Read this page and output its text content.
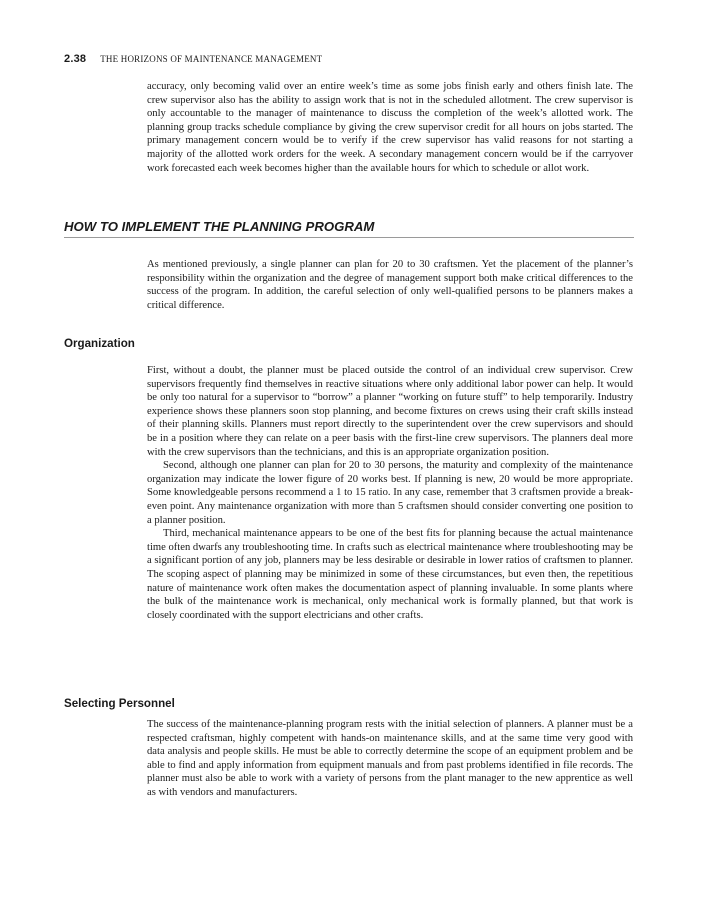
2.38 THE HORIZONS OF MAINTENANCE MANAGEMENT

accuracy, only becoming valid over an entire week’s time as some jobs finish early and others finish late. The crew supervisor also has the ability to assign work that is not in the scheduled allotment. The crew supervisor is only accountable to the manager of maintenance to discuss the completion of the week’s allotted work. The planning group tracks schedule compliance by giving the crew supervisor credit for all hours on jobs started. The primary management concern would be to verify if the crew supervisor has valid reasons for not starting a majority of the allotted work orders for the week. A secondary management concern would be if the carryover work forecasted each week becomes higher than the available hours for which to schedule or allot work.

HOW TO IMPLEMENT THE PLANNING PROGRAM

As mentioned previously, a single planner can plan for 20 to 30 craftsmen. Yet the placement of the planner’s responsibility within the organization and the degree of management support both make critical differences to the success of the program. In addition, the careful selection of only well-qualified persons to be planners makes a critical difference.

Organization

First, without a doubt, the planner must be placed outside the control of an individual crew supervisor. Crew supervisors frequently find themselves in reactive situations where only additional labor power can help. It would be only too natural for a supervisor to “borrow” a planner “working on future stuff” to help temporarily. Industry experience shows these planners soon stop planning, and become fixtures on crews using their craft skills instead of their planning skills. Planners must report directly to the superintendent over the crew supervisors and should be in a position where they can relate on a peer basis with the first-line crew supervisors. The planners deal more with the crew supervisors than the technicians, and this is an appropriate organization position.

Second, although one planner can plan for 20 to 30 persons, the maturity and complexity of the maintenance organization may indicate the lower figure of 20 works best. If planning is new, 20 would be more appropriate. Some knowledgeable persons recommend a 1 to 15 ratio. In any case, remember that 3 craftsmen provide a break-even point. Any maintenance organization with more than 5 craftsmen should consider converting one position to a planner position.

Third, mechanical maintenance appears to be one of the best fits for planning because the actual maintenance time often dwarfs any troubleshooting time. In crafts such as electrical maintenance where troubleshooting may be a significant portion of any job, planners may be less desirable or desirable in lower ratios of craftsmen to planner. The scoping aspect of planning may be minimized in some of these circumstances, but even then, the repetitious nature of maintenance work often makes the documentation aspect of planning invaluable. In some plants where the bulk of the maintenance work is mechanical, only mechanical work is formally planned, but that work is closely coordinated with the support electricians and other crafts.

Selecting Personnel

The success of the maintenance-planning program rests with the initial selection of planners. A planner must be a respected craftsman, highly competent with hands-on maintenance skills, and at the same time very good with data analysis and people skills. He must be able to correctly determine the scope of an equipment problem and be able to find and apply information from equipment manuals and from past problems identified in file records. The planner must also be able to work with a variety of persons from the plant manager to the new apprentice as well as with vendors and manufacturers.
